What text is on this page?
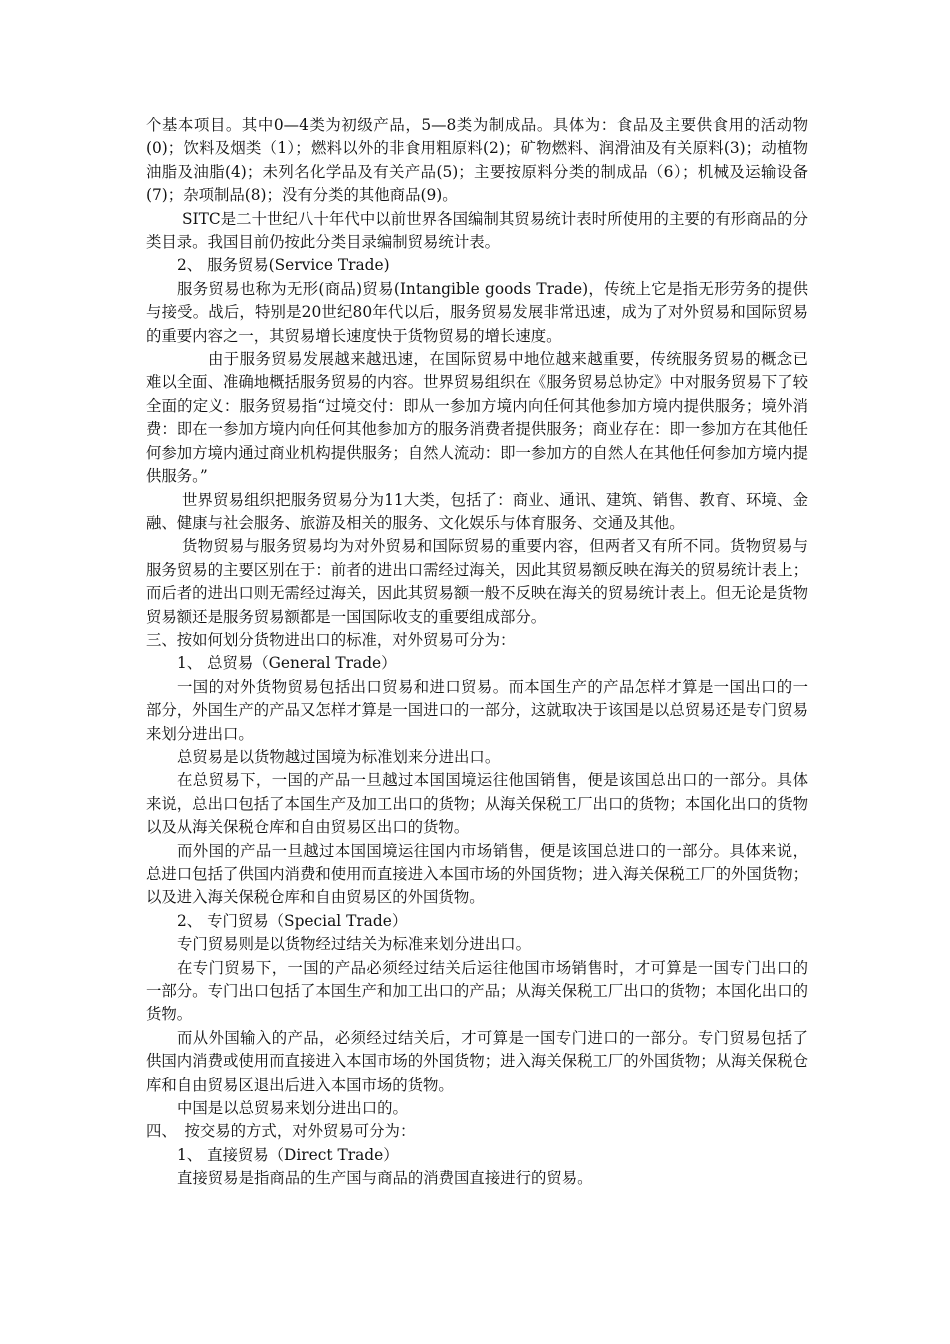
个基本项目。其中0—4类为初级产品，5—8类为制成品。具体为：食品及主要供食用的活动物(0)；饮料及烟类（1）；燃料以外的非食用粗原料(2)；矿物燃料、润滑油及有关原料(3)；动植物油脂及油脂(4)；未列名化学品及有关产品(5)；主要按原料分类的制成品（6）；机械及运输设备(7)；杂项制品(8)；没有分类的其他商品(9)。

SITC是二十世纪八十年代中以前世界各国编制其贸易统计表时所使用的主要的有形商品的分类目录。我国目前仍按此分类目录编制贸易统计表。

2、 服务贸易(Service Trade)

服务贸易也称为无形(商品)贸易(Intangible goods Trade)，传统上它是指无形劳务的提供与接受。战后，特别是20世纪80年代以后，服务贸易发展非常迅速，成为了对外贸易和国际贸易的重要内容之一，其贸易增长速度快于货物贸易的增长速度。

由于服务贸易发展越来越迅速，在国际贸易中地位越来越重要，传统服务贸易的概念已难以全面、准确地概括服务贸易的内容。世界贸易组织在《服务贸易总协定》中对服务贸易下了较全面的定义：服务贸易指“过境交付：即从一参加方境内向任何其他参加方境内提供服务；境外消费：即在一参加方境内向任何其他参加方的服务消费者提供服务；商业存在：即一参加方在其他任何参加方境内通过商业机构提供服务；自然人流动：即一参加方的自然人在其他任何参加方境内提供服务。”

世界贸易组织把服务贸易分为11大类，包括了：商业、通讯、建筑、销售、教育、环境、金融、健康与社会服务、旅游及相关的服务、文化娱乐与体育服务、交通及其他。

货物贸易与服务贸易均为对外贸易和国际贸易的重要内容，但两者又有所不同。货物贸易与服务贸易的主要区别在于：前者的进出口需经过海关，因此其贸易额反映在海关的贸易统计表上；而后者的进出口则无需经过海关，因此其贸易额一般不反映在海关的贸易统计表上。但无论是货物贸易额还是服务贸易额都是一国国际收支的重要组成部分。

三、按如何划分货物进出口的标准，对外贸易可分为：

1、 总贸易（General Trade）

一国的对外货物贸易包括出口贸易和进口贸易。而本国生产的产品怎样才算是一国出口的一部分，外国生产的产品又怎样才算是一国进口的一部分，这就取决于该国是以总贸易还是专门贸易来划分进出口。

总贸易是以货物越过国境为标准划来分进出口。

在总贸易下，一国的产品一旦越过本国国境运往他国销售，便是该国总出口的一部分。具体来说，总出口包括了本国生产及加工出口的货物；从海关保税工厂出口的货物；本国化出口的货物以及从海关保税仓库和自由贸易区出口的货物。

而外国的产品一旦越过本国国境运往国内市场销售，便是该国总进口的一部分。具体来说，总进口包括了供国内消费和使用而直接进入本国市场的外国货物；进入海关保税工厂的外国货物；以及进入海关保税仓库和自由贸易区的外国货物。

2、 专门贸易（Special Trade）

专门贸易则是以货物经过结关为标准来划分进出口。

在专门贸易下，一国的产品必须经过结关后运往他国市场销售时，才可算是一国专门出口的一部分。专门出口包括了本国生产和加工出口的产品；从海关保税工厂出口的货物；本国化出口的货物。

而从外国输入的产品，必须经过结关后，才可算是一国专门进口的一部分。专门贸易包括了供国内消费或使用而直接进入本国市场的外国货物；进入海关保税工厂的外国货物；从海关保税仓库和自由贸易区退出后进入本国市场的货物。

中国是以总贸易来划分进出口的。

四、　按交易的方式，对外贸易可分为：

1、 直接贸易（Direct Trade）

直接贸易是指商品的生产国与商品的消费国直接进行的贸易。
